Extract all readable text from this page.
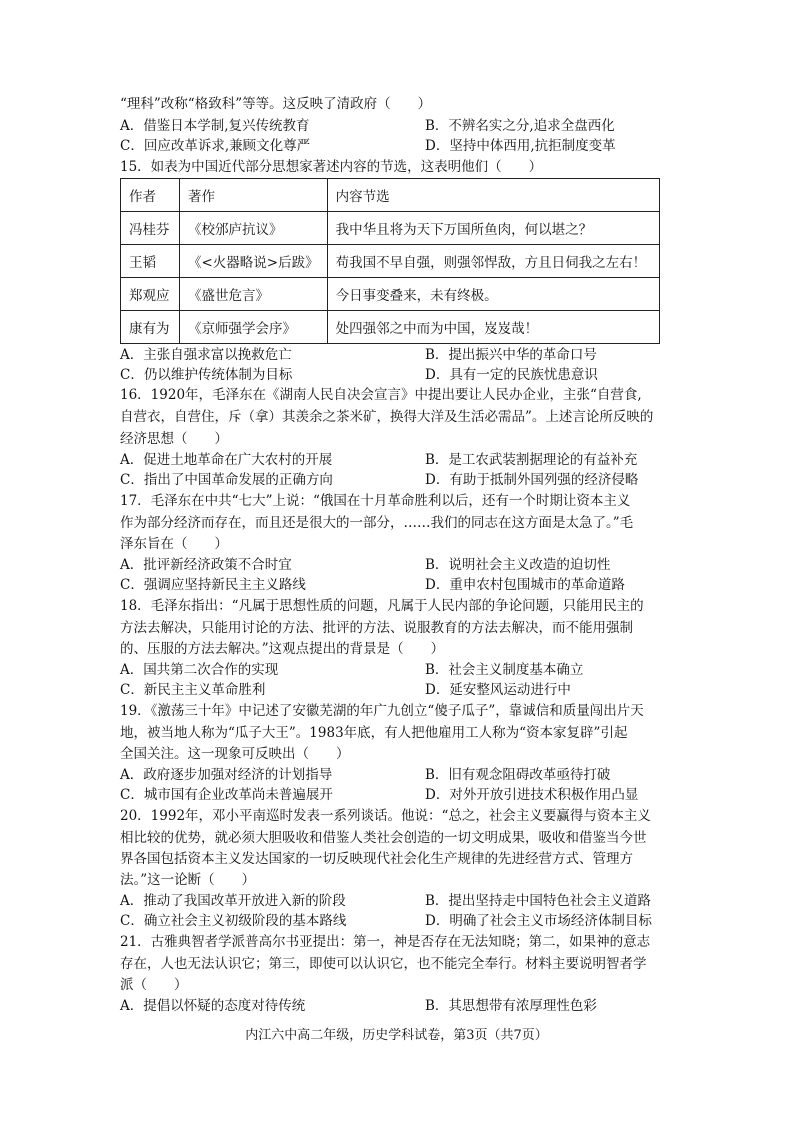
“理科”改称“格致科”等等。这反映了清政府（　　）
A．借鉴日本学制,复兴传统教育	B．不辨名实之分,追求全盘西化
C．回应改革诉求,兼顾文化尊严	D．坚持中体西用,抗拒制度变革
15．如表为中国近代部分思想家著述内容的节选，这表明他们（　　）
作者	著作	内容节选
冯桂芬	《校邠庐抗议》	我中华且将为天下万国所鱼肉，何以堪之？
王韬	《<火器略说>后跋》	苟我国不早自强，则强邻悍敌，方且日伺我之左右！
郑观应	《盛世危言》	今日事变叠来，未有终极。
康有为	《京师强学会序》	处四强邻之中而为中国，岌岌哉！
A．主张自强求富以挽救危亡	B．提出振兴中华的革命口号
C．仍以维护传统体制为目标	D．具有一定的民族忧患意识
16．1920年，毛泽东在《湖南人民自决会宣言》中提出要让人民办企业，主张“自营食,
自营衣，自营住，斥（拿）其羡余之茶米矿，换得大洋及生活必需品”。上述言论所反映的
经济思想（　　）
A．促进土地革命在广大农村的开展	B．是工农武装割据理论的有益补充
C．指出了中国革命发展的正确方向	D．有助于抵制外国列强的经济侵略
17．毛泽东在中共“七大”上说：“俄国在十月革命胜利以后，还有一个时期让资本主义
作为部分经济而存在，而且还是很大的一部分，……我们的同志在这方面是太急了。”毛
泽东旨在（　　）
A．批评新经济政策不合时宜	B．说明社会主义改造的迫切性
C．强调应坚持新民主主义路线	D．重申农村包围城市的革命道路
18．毛泽东指出：“凡属于思想性质的问题，凡属于人民内部的争论问题，只能用民主的
方法去解决，只能用讨论的方法、批评的方法、说服教育的方法去解决，而不能用强制
的、压服的方法去解决。”这观点提出的背景是（　　）
A．国共第二次合作的实现	B．社会主义制度基本确立
C．新民主主义革命胜利	D．延安整风运动进行中
19．《激荡三十年》中记述了安徽芜湖的年广九创立“傻子瓜子”，靠诚信和质量闯出片天
地，被当地人称为“瓜子大王”。1983年底，有人把他雇用工人称为“资本家复辟”引起
全国关注。这一现象可反映出（　　）
A．政府逐步加强对经济的计划指导	B．旧有观念阻碍改革亟待打破
C．城市国有企业改革尚未普遍展开	D．对外开放引进技术积极作用凸显
20．1992年，邓小平南巡时发表一系列谈话。他说：“总之，社会主义要赢得与资本主义
相比较的优势，就必须大胆吸收和借鉴人类社会创造的一切文明成果，吸收和借鉴当今世
界各国包括资本主义发达国家的一切反映现代社会化生产规律的先进经营方式、管理方
法。”这一论断（　　）
A．推动了我国改革开放进入新的阶段	B．提出坚持走中国特色社会主义道路
C．确立社会主义初级阶段的基本路线	D．明确了社会主义市场经济体制目标
21．古雅典智者学派普高尔书亚提出：第一，神是否存在无法知晓；第二，如果神的意志
存在，人也无法认识它；第三，即使可以认识它，也不能完全奉行。材料主要说明智者学
派（　　）
A．提倡以怀疑的态度对待传统	B．其思想带有浓厚理性色彩
内江六中高二年级，历史学科试卷，第3页（共7页）
